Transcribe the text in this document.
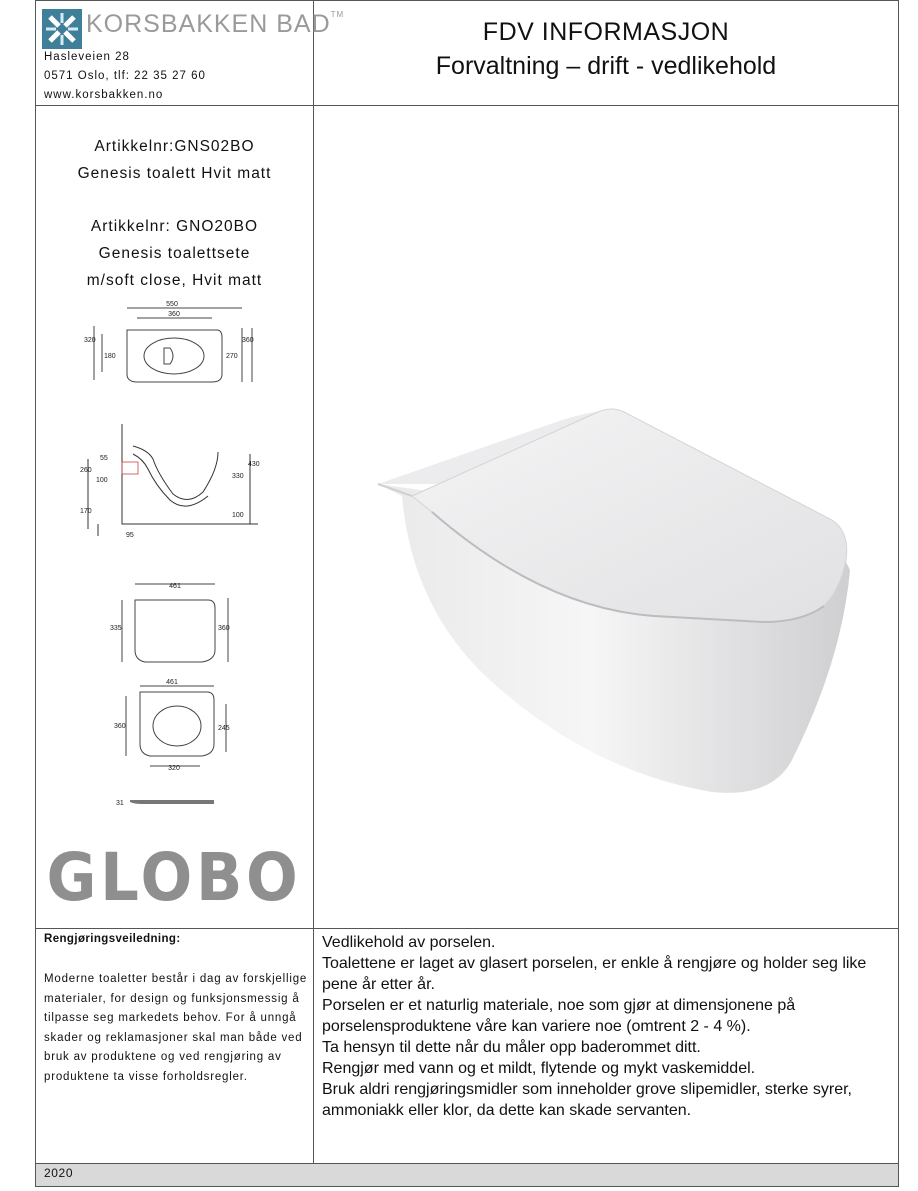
KORSBAKKEN BAD™
Hasleveien 28
0571 Oslo, tlf: 22 35 27 60
www.korsbakken.no
FDV INFORMASJON
Forvaltning – drift - vedlikehold
Artikkelnr:GNS02BO
Genesis toalett Hvit matt
Artikkelnr: GNO20BO
Genesis toalettsete
m/soft close, Hvit matt
550
360
320
180
360
270
55
260
100
170
430
330
100
95
461
335	360
461
360	245
320
31
GLOBO
Rengjøringsveiledning:
Moderne toaletter består i dag av forskjellige materialer, for design og funksjonsmessig å tilpasse seg markedets behov. For å unngå skader og reklamasjoner skal man både ved bruk av produktene og ved rengjøring av produktene ta visse forholdsregler.

Vedlikehold av porselen.

Toalettene er laget av glasert porselen, er enkle å rengjøre og holder seg like pene år etter år.

Porselen er et naturlig materiale, noe som gjør at dimensjonene på porselensproduktene våre kan variere noe (omtrent 2 - 4 %).

Ta hensyn til dette når du måler opp baderommet ditt.

Rengjør med vann og et mildt, flytende og mykt vaskemiddel.

Bruk aldri rengjøringsmidler som inneholder grove slipemidler, sterke syrer, ammoniakk eller klor, da dette kan skade servanten.

2020
